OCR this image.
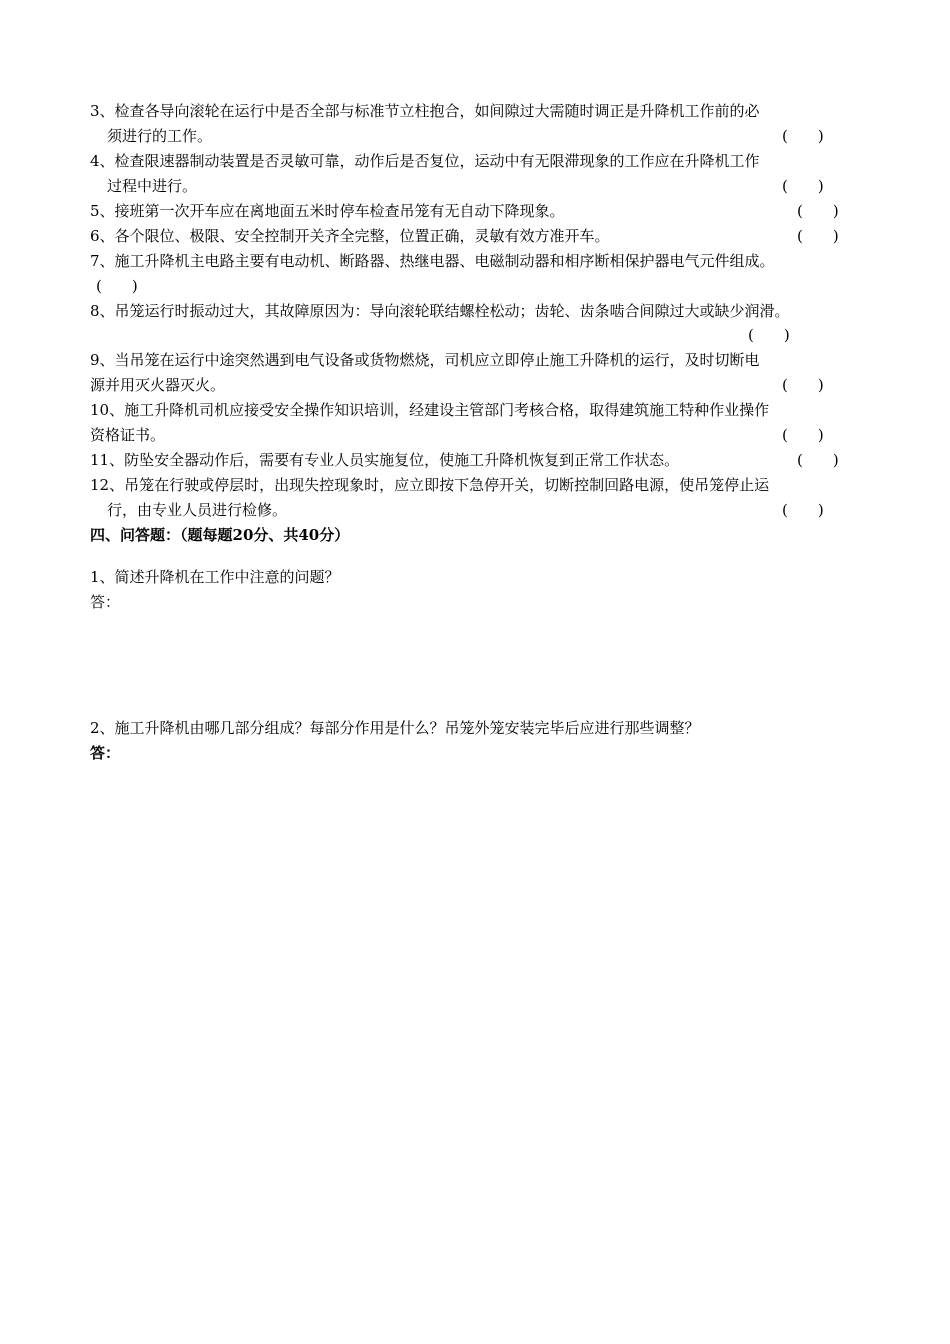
3、检查各导向滚轮在运行中是否全部与标准节立柱抱合，如间隙过大需随时调正是升降机工作前的必
须进行的工作。	(　　)
4、检查限速器制动装置是否灵敏可靠，动作后是否复位，运动中有无限滞现象的工作应在升降机工作
过程中进行。	(　　)
5、接班第一次开车应在离地面五米时停车检查吊笼有无自动下降现象。	(　　)
6、各个限位、极限、安全控制开关齐全完整，位置正确，灵敏有效方准开车。	(　　)
7、施工升降机主电路主要有电动机、断路器、热继电器、电磁制动器和相序断相保护器电气元件组成。
(　　)
8、吊笼运行时振动过大，其故障原因为：导向滚轮联结螺栓松动；齿轮、齿条啮合间隙过大或缺少润滑。
(　　)
9、当吊笼在运行中途突然遇到电气设备或货物燃烧，司机应立即停止施工升降机的运行，及时切断电
源并用灭火器灭火。	(　　)
10、施工升降机司机应接受安全操作知识培训，经建设主管部门考核合格，取得建筑施工特种作业操作
资格证书。	(　　)
11、防坠安全器动作后，需要有专业人员实施复位，使施工升降机恢复到正常工作状态。	(　　)
12、吊笼在行驶或停层时，出现失控现象时，应立即按下急停开关，切断控制回路电源，使吊笼停止运
行，由专业人员进行检修。	(　　)
四、问答题：（题每题20分、共40分）
1、简述升降机在工作中注意的问题？
答：
2、施工升降机由哪几部分组成？每部分作用是什么？吊笼外笼安装完毕后应进行那些调整？
答：
